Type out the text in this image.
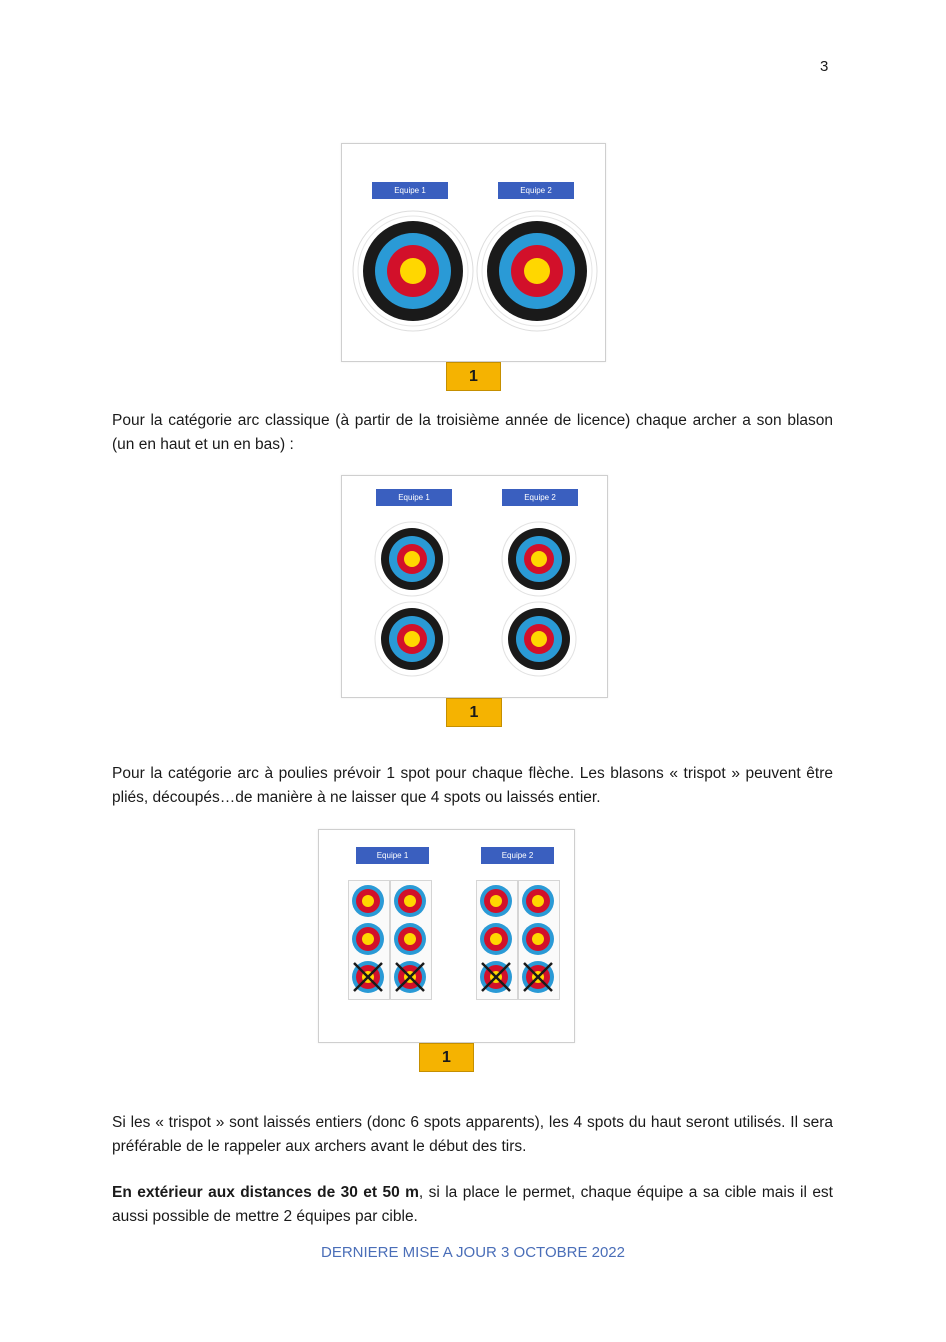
3
Equipe 1	Equipe 2
1
Pour la catégorie arc classique (à partir de la troisième année de licence) chaque archer a son blason (un en haut et un en bas) :
Equipe 1	Equipe 2
1
Pour la catégorie arc à poulies prévoir 1 spot pour chaque flèche. Les blasons « trispot » peuvent être pliés, découpés…de manière à ne laisser que 4 spots ou laissés entier.
Equipe 1	Equipe 2
1
Si les « trispot » sont laissés entiers (donc 6 spots apparents), les 4 spots du haut seront utilisés. Il sera préférable de le rappeler aux archers avant le début des tirs.
En extérieur aux distances de 30 et 50 m, si la place le permet, chaque équipe a sa cible mais il est aussi possible de mettre 2 équipes par cible.
DERNIERE MISE A JOUR 3 OCTOBRE 2022
